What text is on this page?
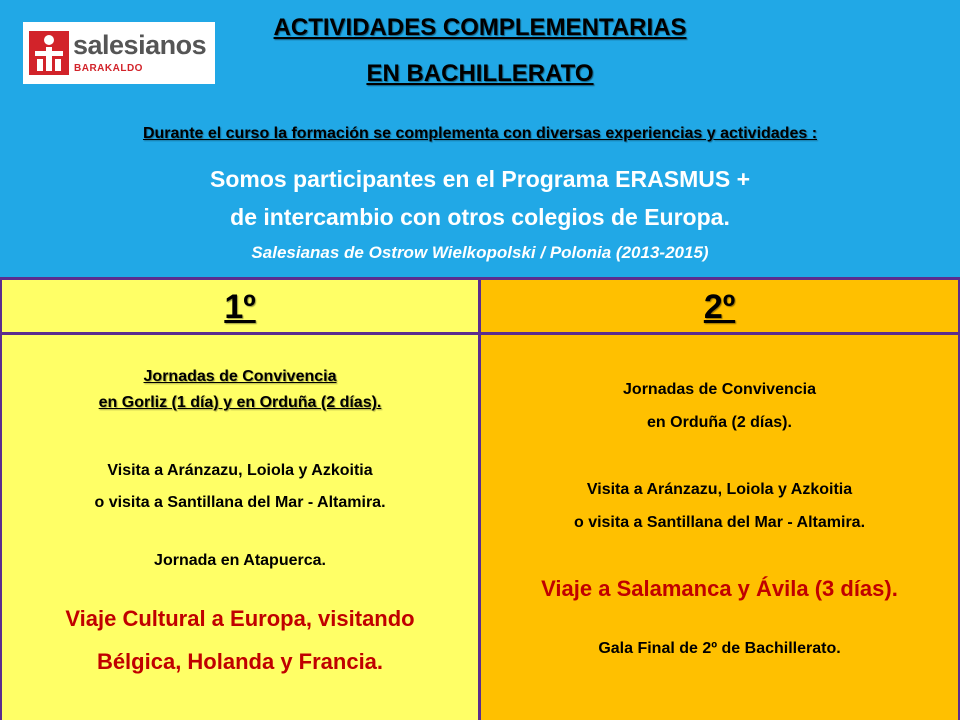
salesianos
BARAKALDO
ACTIVIDADES COMPLEMENTARIAS
EN BACHILLERATO
Durante el curso la formación se complementa con diversas experiencias y actividades :
Somos participantes en el Programa ERASMUS +
de intercambio con otros colegios de Europa.
Salesianas de Ostrow Wielkopolski / Polonia (2013-2015)
1º
Jornadas de Convivencia
en Gorliz (1 día) y en Orduña (2 días).
Visita a Aránzazu, Loiola y Azkoitia
o visita a Santillana del Mar - Altamira.
Jornada en Atapuerca.
Viaje Cultural a Europa, visitando
Bélgica, Holanda y Francia.
2º
Jornadas de Convivencia
en Orduña (2 días).
Visita a Aránzazu, Loiola y Azkoitia
o visita a Santillana del Mar - Altamira.
Viaje a Salamanca y Ávila (3 días).
Gala Final de 2º de Bachillerato.
